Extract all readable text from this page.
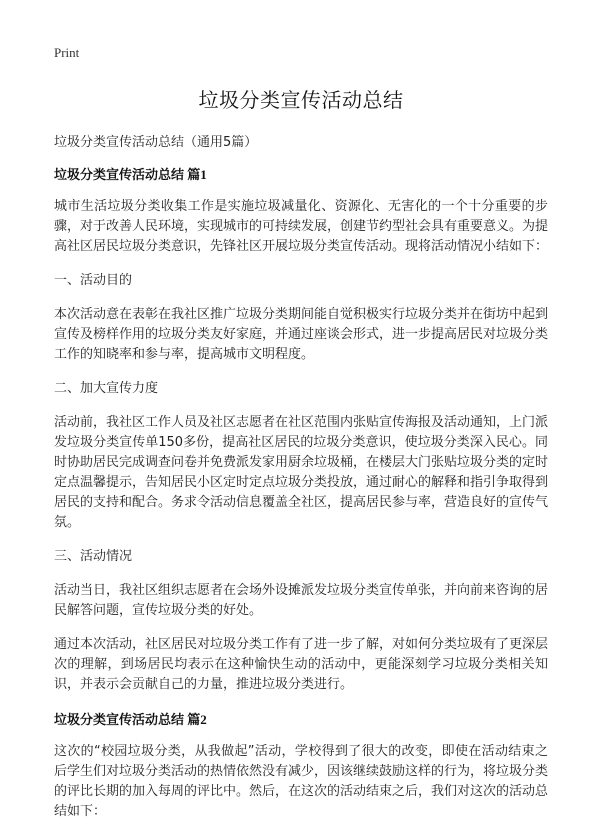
Print
垃圾分类宣传活动总结
垃圾分类宣传活动总结（通用5篇）
垃圾分类宣传活动总结 篇1

城市生活垃圾分类收集工作是实施垃圾减量化、资源化、无害化的一个十分重要的步骤，对于改善人民环境，实现城市的可持续发展，创建节约型社会具有重要意义。为提高社区居民垃圾分类意识，先锋社区开展垃圾分类宣传活动。现将活动情况小结如下：

一、活动目的

本次活动意在表彰在我社区推广垃圾分类期间能自觉积极实行垃圾分类并在街坊中起到宣传及榜样作用的垃圾分类友好家庭，并通过座谈会形式，进一步提高居民对垃圾分类工作的知晓率和参与率，提高城市文明程度。

二、加大宣传力度

活动前，我社区工作人员及社区志愿者在社区范围内张贴宣传海报及活动通知，上门派发垃圾分类宣传单150多份，提高社区居民的垃圾分类意识，使垃圾分类深入民心。同时协助居民完成调查问卷并免费派发家用厨余垃圾桶，在楼层大门张贴垃圾分类的定时定点温馨提示，告知居民小区定时定点垃圾分类投放，通过耐心的解释和指引争取得到居民的支持和配合。务求令活动信息覆盖全社区，提高居民参与率，营造良好的宣传气氛。

三、活动情况

活动当日，我社区组织志愿者在会场外设摊派发垃圾分类宣传单张，并向前来咨询的居民解答问题，宣传垃圾分类的好处。

通过本次活动，社区居民对垃圾分类工作有了进一步了解，对如何分类垃圾有了更深层次的理解，到场居民均表示在这种愉快生动的活动中，更能深刻学习垃圾分类相关知识，并表示会贡献自己的力量，推进垃圾分类进行。

垃圾分类宣传活动总结 篇2

这次的“校园垃圾分类，从我做起”活动，学校得到了很大的改变，即使在活动结束之后学生们对垃圾分类活动的热情依然没有减少，因该继续鼓励这样的行为，将垃圾分类的评比长期的加入每周的评比中。然后，在这次的活动结束之后，我们对这次的活动总结如下：
